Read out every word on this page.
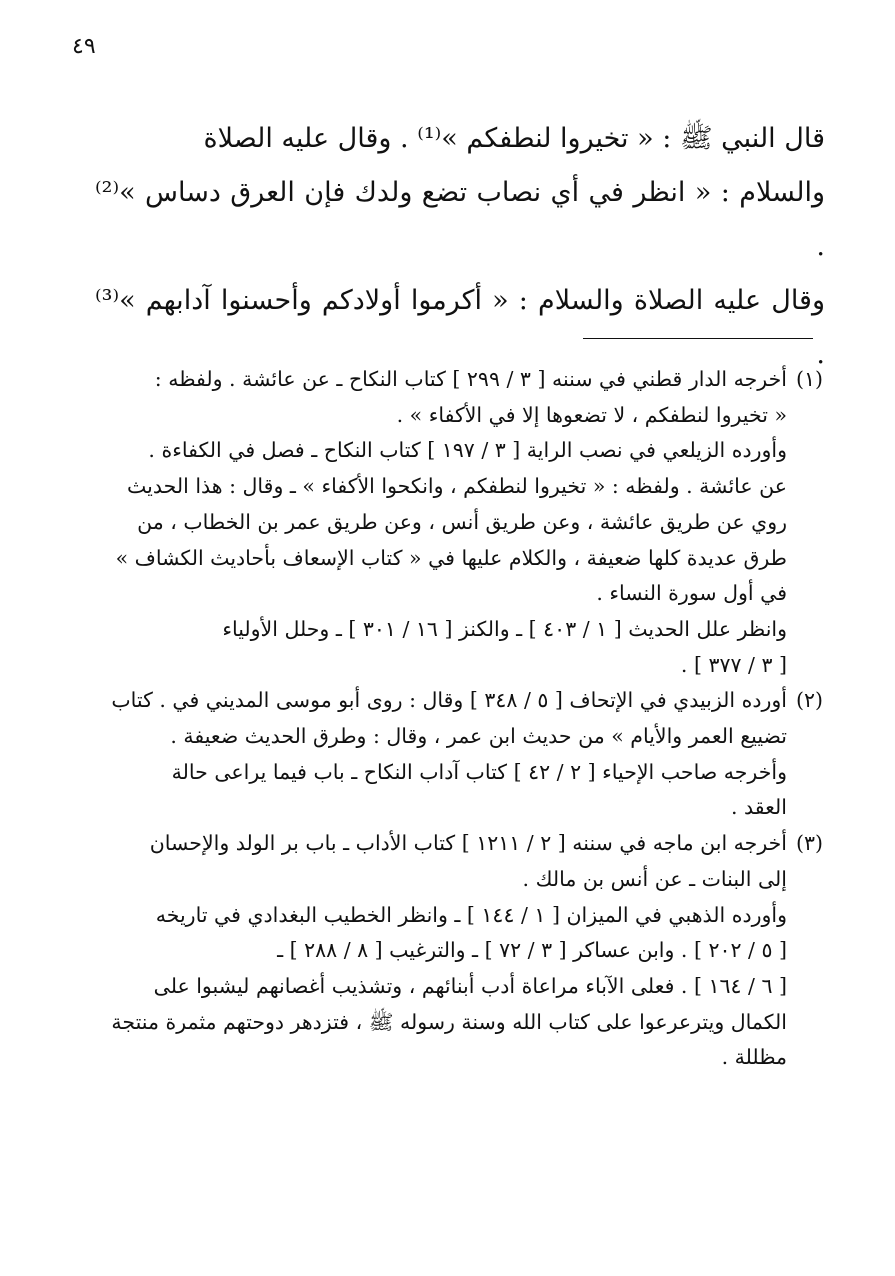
٤٩

قال النبي ﷺ : « تخيروا لنطفكم »⁽¹⁾ . وقال عليه الصلاة

والسلام : « انظر في أي نصاب تضع ولدك فإن العرق دساس »⁽²⁾ .

وقال عليه الصلاة والسلام : « أكرموا أولادكم وأحسنوا آدابهم »⁽³⁾ .

(١)
أخرجه الدار قطني في سننه [ ٣ / ٢٩٩ ] كتاب النكاح ـ عن عائشة . ولفظه :
« تخيروا لنطفكم ، لا تضعوها إلا في الأكفاء » .
وأورده الزيلعي في نصب الراية [ ٣ / ١٩٧ ] كتاب النكاح ـ فصل في الكفاءة .
عن عائشة . ولفظه : « تخيروا لنطفكم ، وانكحوا الأكفاء » ـ وقال : هذا الحديث
روي عن طريق عائشة ، وعن طريق أنس ، وعن طريق عمر بن الخطاب ، من
طرق عديدة كلها ضعيفة ، والكلام عليها في « كتاب الإسعاف بأحاديث الكشاف »
في أول سورة النساء .
وانظر علل الحديث [ ١ / ٤٠٣ ] ـ والكنز [ ١٦ / ٣٠١ ] ـ وحلل الأولياء
[ ٣ / ٣٧٧ ] .
(٢)
أورده الزبيدي في الإتحاف [ ٥ / ٣٤٨ ] وقال : روى أبو موسى المديني في . كتاب
تضييع العمر والأيام » من حديث ابن عمر ، وقال : وطرق الحديث ضعيفة .
وأخرجه صاحب الإحياء [ ٢ / ٤٢ ] كتاب آداب النكاح ـ باب فيما يراعى حالة
العقد .
(٣)
أخرجه ابن ماجه في سننه [ ٢ / ١٢١١ ] كتاب الأداب ـ باب بر الولد والإحسان
إلى البنات ـ عن أنس بن مالك .
وأورده الذهبي في الميزان [ ١ / ١٤٤ ] ـ وانظر الخطيب البغدادي في تاريخه
[ ٥ / ٢٠٢ ] . وابن عساكر [ ٣ / ٧٢ ] ـ والترغيب [ ٨ / ٢٨٨ ] ـ
[ ٦ / ١٦٤ ] . فعلى الآباء مراعاة أدب أبنائهم ، وتشذيب أغصانهم ليشبوا على
الكمال ويترعرعوا على كتاب الله وسنة رسوله ﷺ ، فتزدهر دوحتهم مثمرة منتجة
مظللة .
